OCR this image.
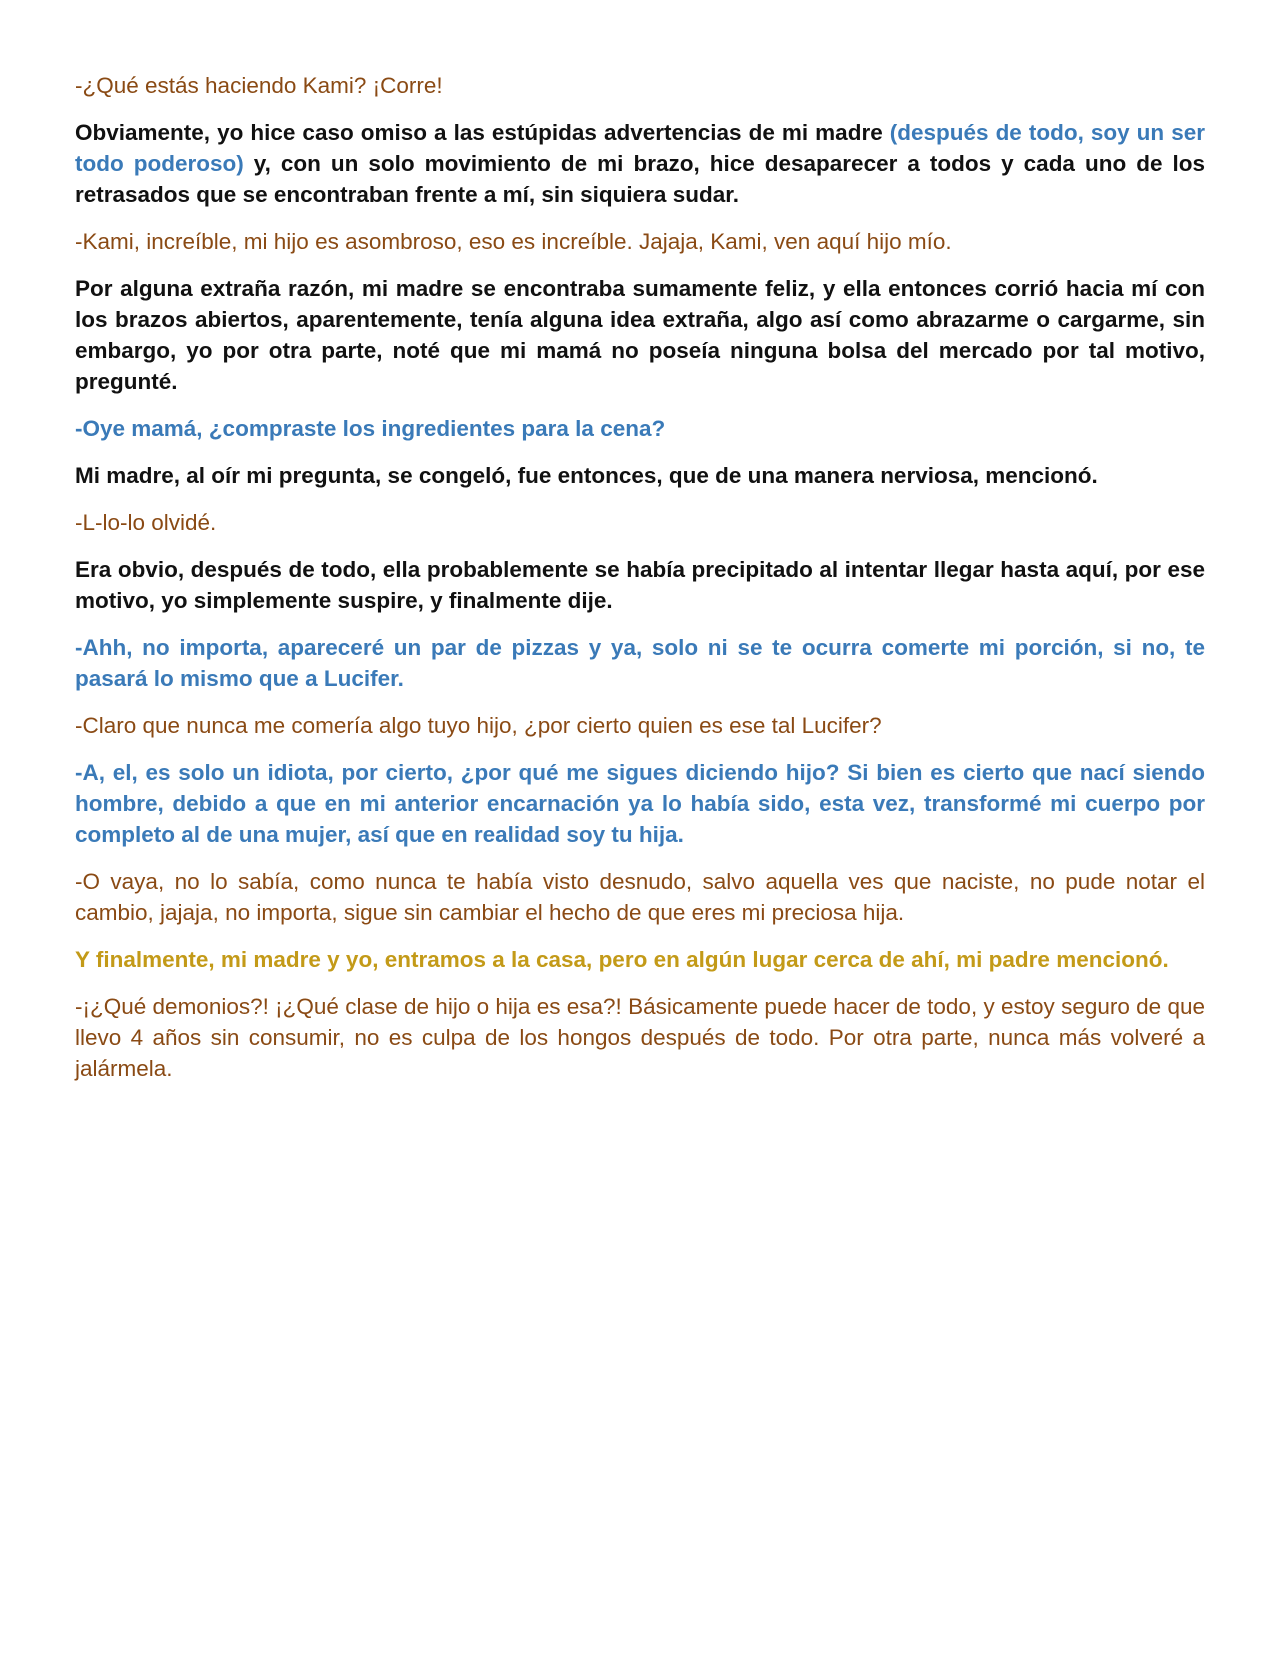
-¿Qué estás haciendo Kami? ¡Corre!

Obviamente, yo hice caso omiso a las estúpidas advertencias de mi madre (después de todo, soy un ser todo poderoso) y, con un solo movimiento de mi brazo, hice desaparecer a todos y cada uno de los retrasados que se encontraban frente a mí, sin siquiera sudar.

-Kami, increíble, mi hijo es asombroso, eso es increíble. Jajaja, Kami, ven aquí hijo mío.

Por alguna extraña razón, mi madre se encontraba sumamente feliz, y ella entonces corrió hacia mí con los brazos abiertos, aparentemente, tenía alguna idea extraña, algo así como abrazarme o cargarme, sin embargo, yo por otra parte, noté que mi mamá no poseía ninguna bolsa del mercado por tal motivo, pregunté.

-Oye mamá, ¿compraste los ingredientes para la cena?

Mi madre, al oír mi pregunta, se congeló, fue entonces, que de una manera nerviosa, mencionó.

-L-lo-lo olvidé.

Era obvio, después de todo, ella probablemente se había precipitado al intentar llegar hasta aquí, por ese motivo, yo simplemente suspire, y finalmente dije.

-Ahh, no importa, apareceré un par de pizzas y ya, solo ni se te ocurra comerte mi porción, si no, te pasará lo mismo que a Lucifer.

-Claro que nunca me comería algo tuyo hijo, ¿por cierto quien es ese tal Lucifer?

-A, el, es solo un idiota, por cierto, ¿por qué me sigues diciendo hijo? Si bien es cierto que nací siendo hombre, debido a que en mi anterior encarnación ya lo había sido, esta vez, transformé mi cuerpo por completo al de una mujer, así que en realidad soy tu hija.

-O vaya, no lo sabía, como nunca te había visto desnudo, salvo aquella ves que naciste, no pude notar el cambio, jajaja, no importa, sigue sin cambiar el hecho de que eres mi preciosa hija.

Y finalmente, mi madre y yo, entramos a la casa, pero en algún lugar cerca de ahí, mi padre mencionó.

-¡¿Qué demonios?! ¡¿Qué clase de hijo o hija es esa?! Básicamente puede hacer de todo, y estoy seguro de que llevo 4 años sin consumir, no es culpa de los hongos después de todo. Por otra parte, nunca más volveré a jalármela.
